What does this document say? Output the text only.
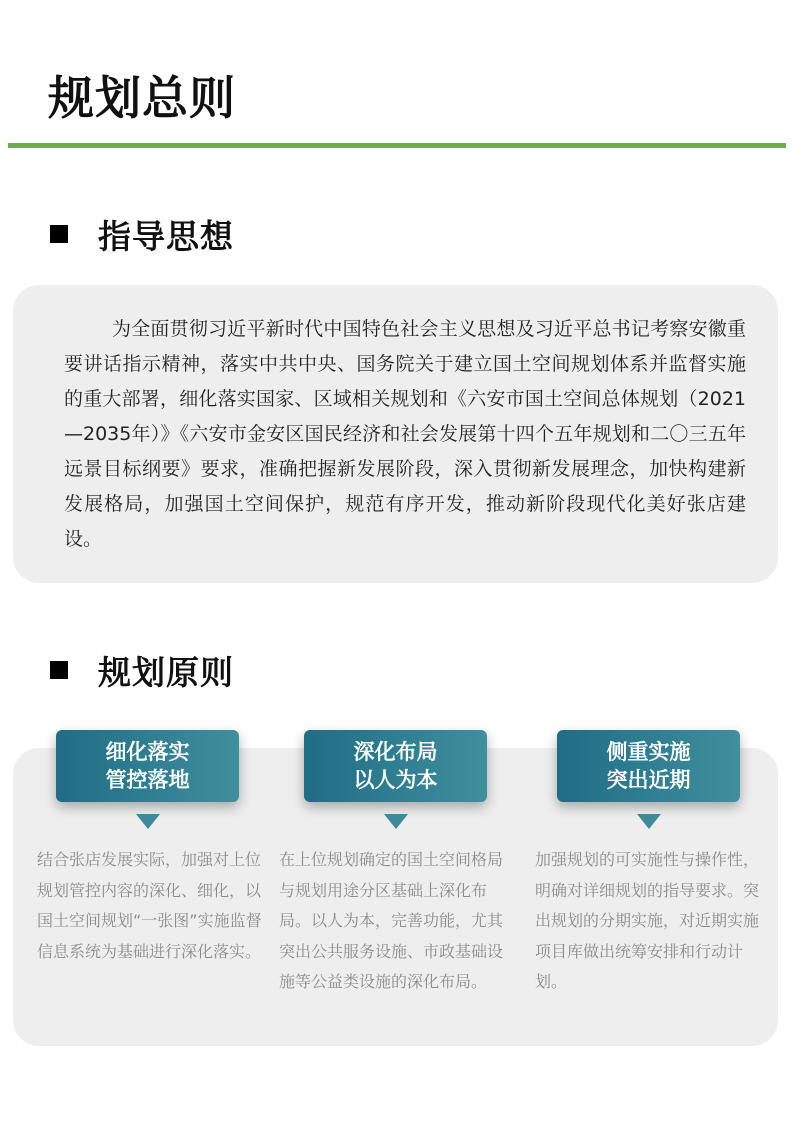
规划总则
指导思想

为全面贯彻习近平新时代中国特色社会主义思想及习近平总书记考察安徽重要讲话指示精神，落实中共中央、国务院关于建立国土空间规划体系并监督实施的重大部署，细化落实国家、区域相关规划和《六安市国土空间总体规划（2021—2035年）》《六安市金安区国民经济和社会发展第十四个五年规划和二〇三五年远景目标纲要》要求，准确把握新发展阶段，深入贯彻新发展理念，加快构建新发展格局，加强国土空间保护，规范有序开发，推动新阶段现代化美好张店建设。

规划原则
细化落实
管控落地

结合张店发展实际，加强对上位规划管控内容的深化、细化，以国土空间规划“一张图”实施监督信息系统为基础进行深化落实。

深化布局
以人为本

在上位规划确定的国土空间格局与规划用途分区基础上深化布局。以人为本，完善功能，尤其突出公共服务设施、市政基础设施等公益类设施的深化布局。

侧重实施
突出近期

加强规划的可实施性与操作性，明确对详细规划的指导要求。突出规划的分期实施，对近期实施项目库做出统筹安排和行动计划。
